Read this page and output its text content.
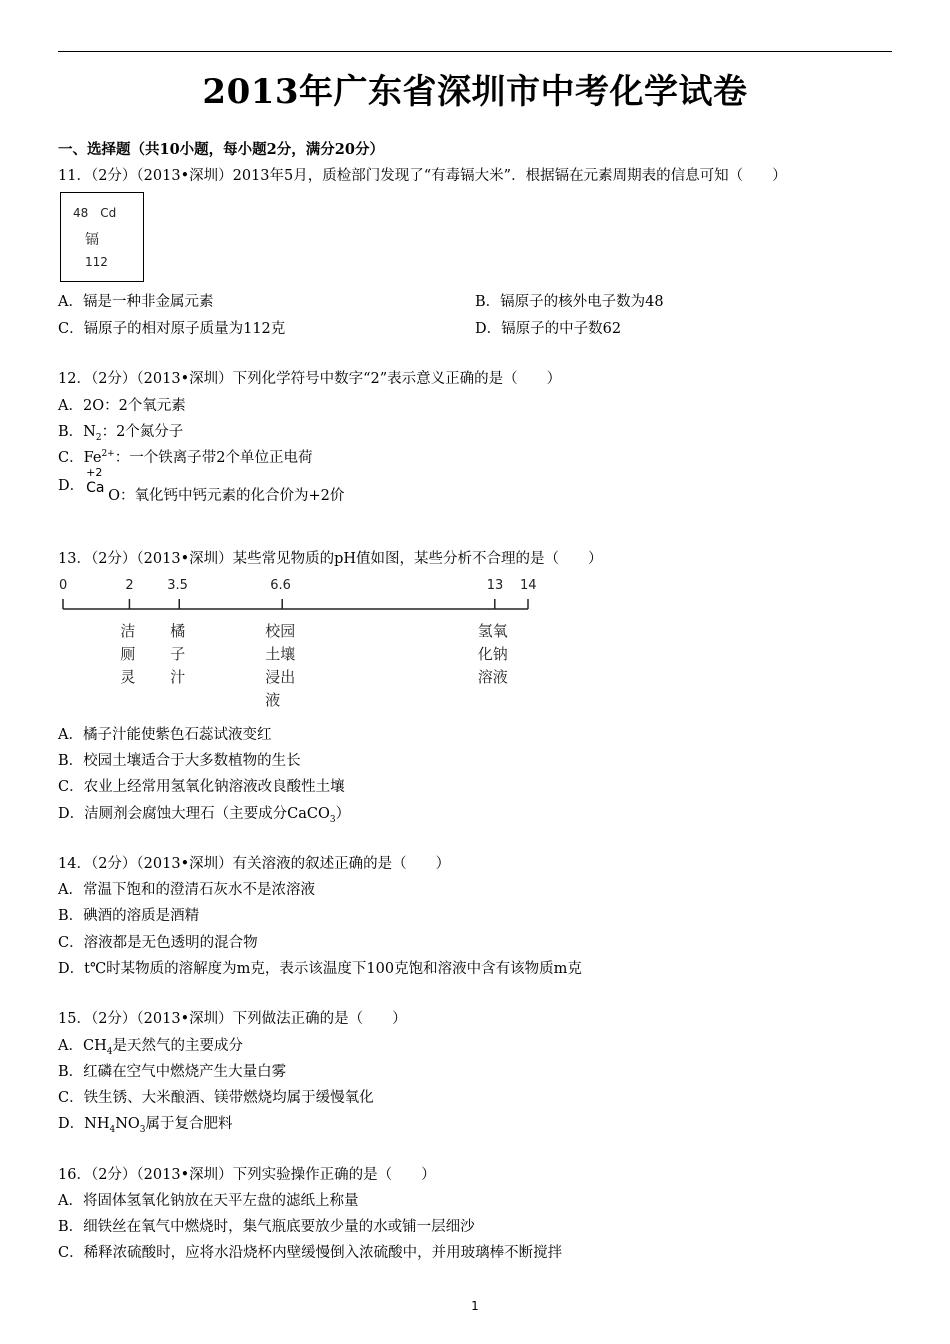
2013年广东省深圳市中考化学试卷
一、选择题（共10小题，每小题2分，满分20分）
11．（2分）（2013•深圳）2013年5月，质检部门发现了“有毒镉大米”．根据镉在元素周期表的信息可知（　　）
48　Cd
镉
112
A．镉是一种非金属元素	B．镉原子的核外电子数为48
C．镉原子的相对原子质量为112克	D．镉原子的中子数62
12．（2分）（2013•深圳）下列化学符号中数字“2”表示意义正确的是（　　）
A．2O：2个氧元素
B．$N_2$：2个氮分子
C．$Fe^{2+}$：一个铁离子带2个单位正电荷
D．
+2
Ca O：氧化钙中钙元素的化合价为+2价
13．（2分）（2013•深圳）某些常见物质的pH值如图，某些分析不合理的是（　　）
0	2	3.5	6.6	13 14
洁
厕
灵
橘
子
汁
校园
土壤
浸出
液
氢氧
化钠
溶液
A．橘子汁能使紫色石蕊试液变红
B．校园土壤适合于大多数植物的生长
C．农业上经常用氢氧化钠溶液改良酸性土壤
D．洁厕剂会腐蚀大理石（主要成分CaCO$_3$）
14．（2分）（2013•深圳）有关溶液的叙述正确的是（　　）
A．常温下饱和的澄清石灰水不是浓溶液
B．碘酒的溶质是酒精
C．溶液都是无色透明的混合物
D．t℃时某物质的溶解度为m克，表示该温度下100克饱和溶液中含有该物质m克
15．（2分）（2013•深圳）下列做法正确的是（　　）
A．$CH_4$是天然气的主要成分
B．红磷在空气中燃烧产生大量白雾
C．铁生锈、大米酿酒、镁带燃烧均属于缓慢氧化
D．$NH_4NO_3$属于复合肥料
16．（2分）（2013•深圳）下列实验操作正确的是（　　）
A．将固体氢氧化钠放在天平左盘的滤纸上称量
B．细铁丝在氧气中燃烧时，集气瓶底要放少量的水或铺一层细沙
C．稀释浓硫酸时，应将水沿烧杯内壁缓慢倒入浓硫酸中，并用玻璃棒不断搅拌
1
